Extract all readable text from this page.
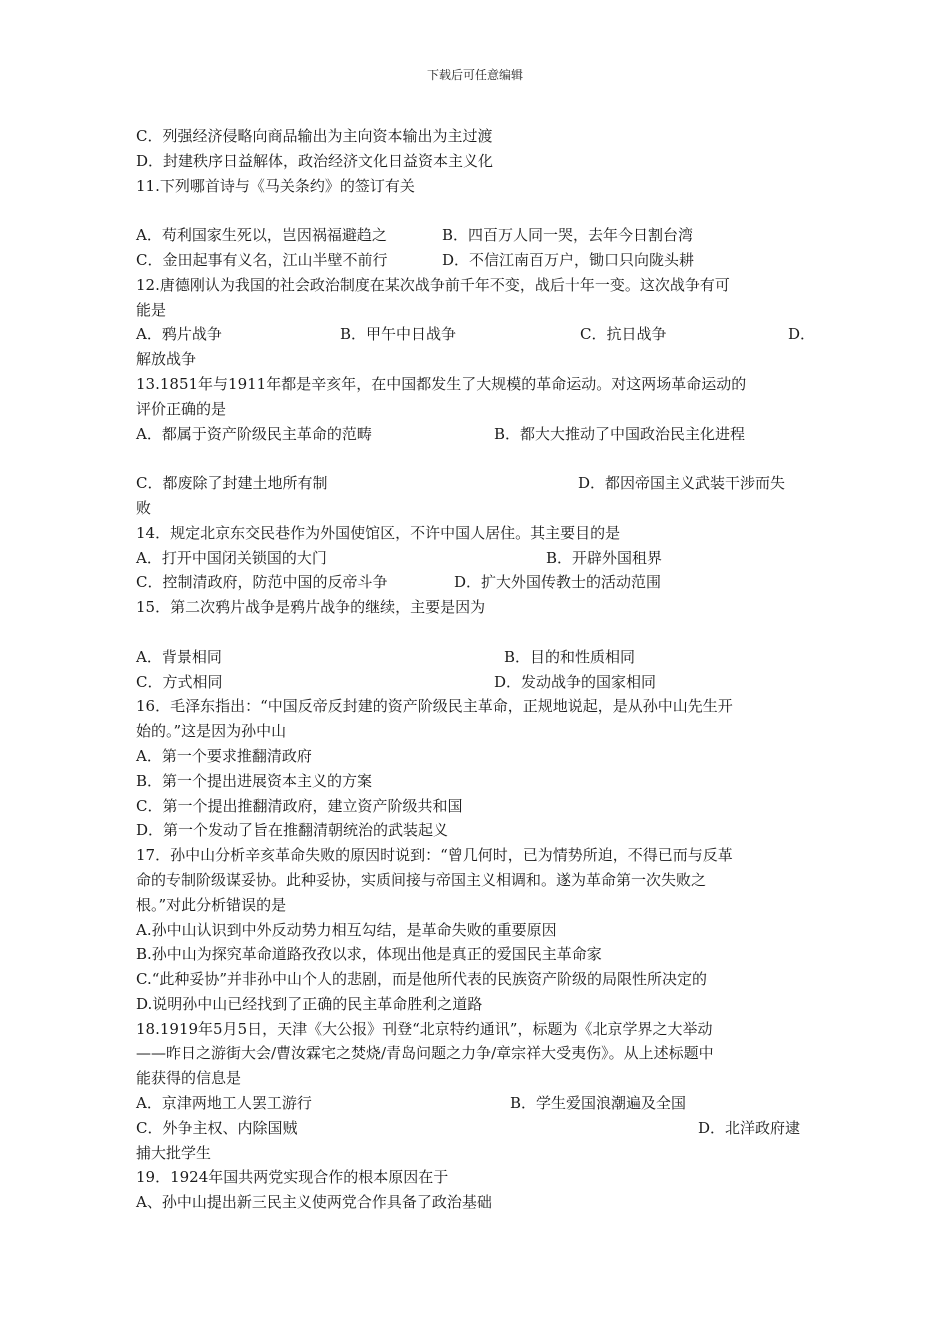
下载后可任意编辑
C．列强经济侵略向商品输出为主向资本输出为主过渡
D．封建秩序日益解体，政治经济文化日益资本主义化
11.下列哪首诗与《马关条约》的签订有关
A．苟利国家生死以，岂因祸福避趋之	B．四百万人同一哭，去年今日割台湾
C．金田起事有义名，江山半壁不前行	D．不信江南百万户，锄口只向陇头耕
12.唐德刚认为我国的社会政治制度在某次战争前千年不变，战后十年一变。这次战争有可
能是
A．鸦片战争	B．甲午中日战争	C．抗日战争	D．
解放战争
13.1851年与1911年都是辛亥年，在中国都发生了大规模的革命运动。对这两场革命运动的
评价正确的是
A．都属于资产阶级民主革命的范畴	B．都大大推动了中国政治民主化进程
C．都废除了封建土地所有制	D．都因帝国主义武装干涉而失
败
14．规定北京东交民巷作为外国使馆区，不许中国人居住。其主要目的是
A．打开中国闭关锁国的大门	B．开辟外国租界
C．控制清政府，防范中国的反帝斗争	D．扩大外国传教士的活动范围
15．第二次鸦片战争是鸦片战争的继续，主要是因为
A．背景相同	B．目的和性质相同
C．方式相同	D．发动战争的国家相同
16．毛泽东指出：“中国反帝反封建的资产阶级民主革命，正规地说起，是从孙中山先生开
始的。”这是因为孙中山
A．第一个要求推翻清政府
B．第一个提出进展资本主义的方案
C．第一个提出推翻清政府，建立资产阶级共和国
D．第一个发动了旨在推翻清朝统治的武装起义
17．孙中山分析辛亥革命失败的原因时说到：“曾几何时，已为情势所迫，不得已而与反革
命的专制阶级谋妥协。此种妥协，实质间接与帝国主义相调和。遂为革命第一次失败之
根。”对此分析错误的是
A.孙中山认识到中外反动势力相互勾结，是革命失败的重要原因
B.孙中山为探究革命道路孜孜以求，体现出他是真正的爱国民主革命家
C.“此种妥协”并非孙中山个人的悲剧，而是他所代表的民族资产阶级的局限性所决定的
D.说明孙中山已经找到了正确的民主革命胜利之道路
18.1919年5月5日，天津《大公报》刊登“北京特约通讯”，标题为《北京学界之大举动
——昨日之游街大会/曹汝霖宅之焚烧/青岛问题之力争/章宗祥大受夷伤》。从上述标题中
能获得的信息是
A．京津两地工人罢工游行	B．学生爱国浪潮遍及全国
C．外争主权、内除国贼	D．北洋政府逮
捕大批学生
19．1924年国共两党实现合作的根本原因在于
A、孙中山提出新三民主义使两党合作具备了政治基础
